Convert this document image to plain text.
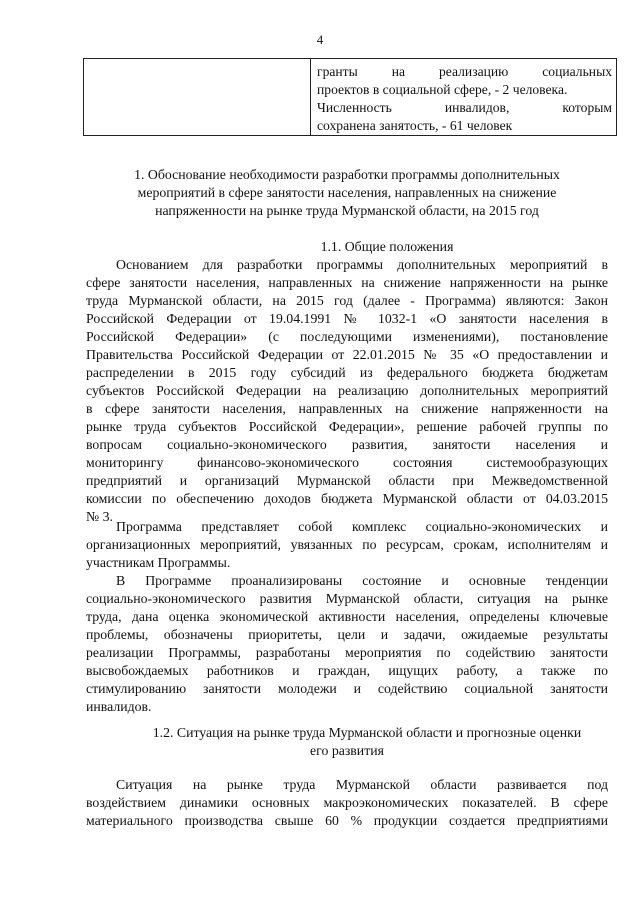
4

гранты на реализацию социальных
проектов в социальной сфере, - 2 человека.
Численность инвалидов, которым
сохранена занятость, - 61 человек
1. Обоснование необходимости разработки программы дополнительных
мероприятий в сфере занятости населения, направленных на снижение
напряженности на рынке труда Мурманской области, на 2015 год
1.1. Общие положения
Основанием для разработки программы дополнительных мероприятий в
сфере занятости населения, направленных на снижение напряженности на рынке
труда Мурманской области, на 2015 год (далее - Программа) являются: Закон
Российской Федерации от 19.04.1991 № 1032-1 «О занятости населения в
Российской Федерации» (с последующими изменениями), постановление
Правительства Российской Федерации от 22.01.2015 № 35 «О предоставлении и
распределении в 2015 году субсидий из федерального бюджета бюджетам
субъектов Российской Федерации на реализацию дополнительных мероприятий
в сфере занятости населения, направленных на снижение напряженности на
рынке труда субъектов Российской Федерации», решение рабочей группы по
вопросам социально-экономического развития, занятости населения и
мониторингу финансово-экономического состояния системообразующих
предприятий и организаций Мурманской области при Межведомственной
комиссии по обеспечению доходов бюджета Мурманской области от 04.03.2015
№ 3.
Программа представляет собой комплекс социально-экономических и
организационных мероприятий, увязанных по ресурсам, срокам, исполнителям и
участникам Программы.
В Программе проанализированы состояние и основные тенденции
социально-экономического развития Мурманской области, ситуация на рынке
труда, дана оценка экономической активности населения, определены ключевые
проблемы, обозначены приоритеты, цели и задачи, ожидаемые результаты
реализации Программы, разработаны мероприятия по содействию занятости
высвобождаемых работников и граждан, ищущих работу, а также по
стимулированию занятости молодежи и содействию социальной занятости
инвалидов.
1.2. Ситуация на рынке труда Мурманской области и прогнозные оценки
его развития
Ситуация на рынке труда Мурманской области развивается под
воздействием динамики основных макроэкономических показателей. В сфере
материального производства свыше 60 % продукции создается предприятиями
